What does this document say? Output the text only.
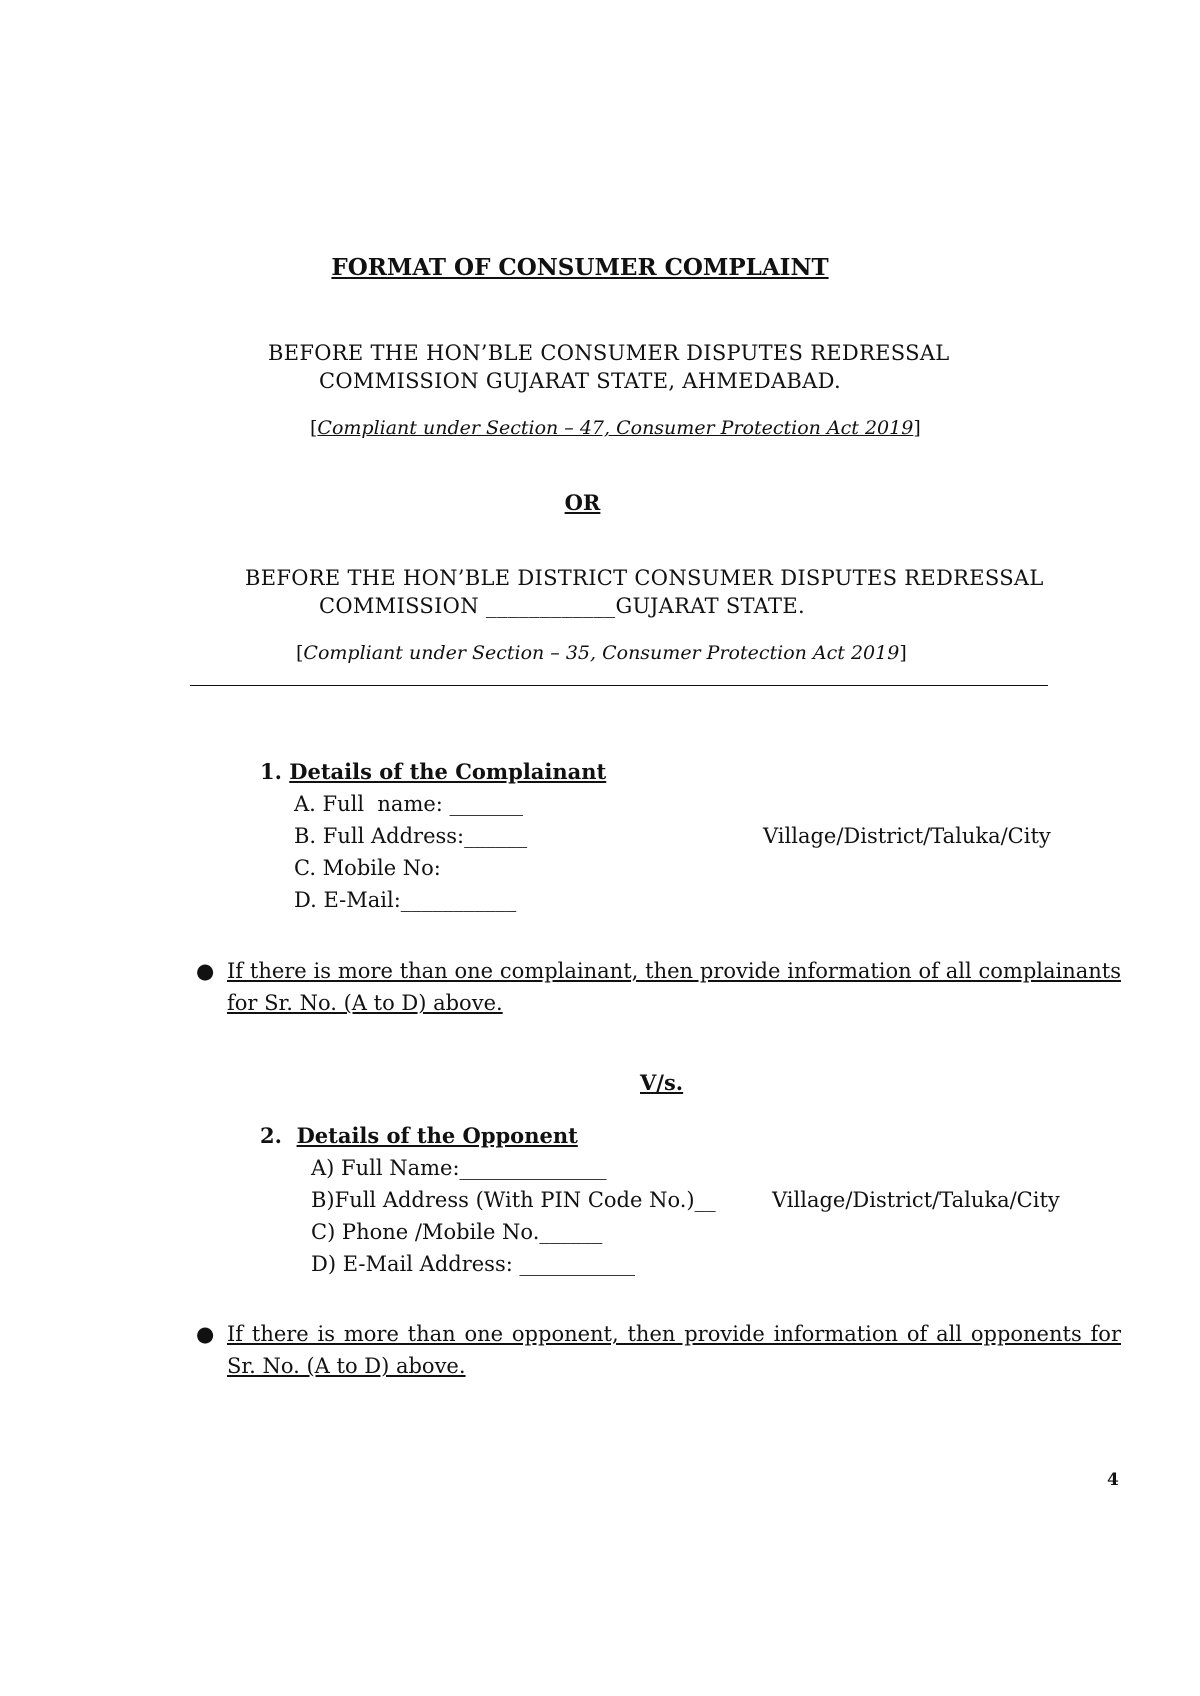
FORMAT OF CONSUMER COMPLAINT
BEFORE THE HON’BLE CONSUMER DISPUTES REDRESSAL
COMMISSION GUJARAT STATE, AHMEDABAD.
[Compliant under Section – 47, Consumer Protection Act 2019]
OR
BEFORE THE HON’BLE DISTRICT CONSUMER DISPUTES REDRESSAL
COMMISSION ____________GUJARAT STATE.
[Compliant under Section – 35, Consumer Protection Act 2019]
1. Details of the Complainant
A. Full  name: _______
B. Full Address:______	Village/District/Taluka/City
C. Mobile No:
D. E-Mail:___________
● If there is more than one complainant, then provide information of all complainants for Sr. No. (A to D) above.
V/s.
2. Details of the Opponent
A) Full Name:______________
B)Full Address (With PIN Code No.)__	Village/District/Taluka/City
C) Phone /Mobile No.______
D) E-Mail Address: ___________
● If there is more than one opponent, then provide information of all opponents for Sr. No. (A to D) above.
4
